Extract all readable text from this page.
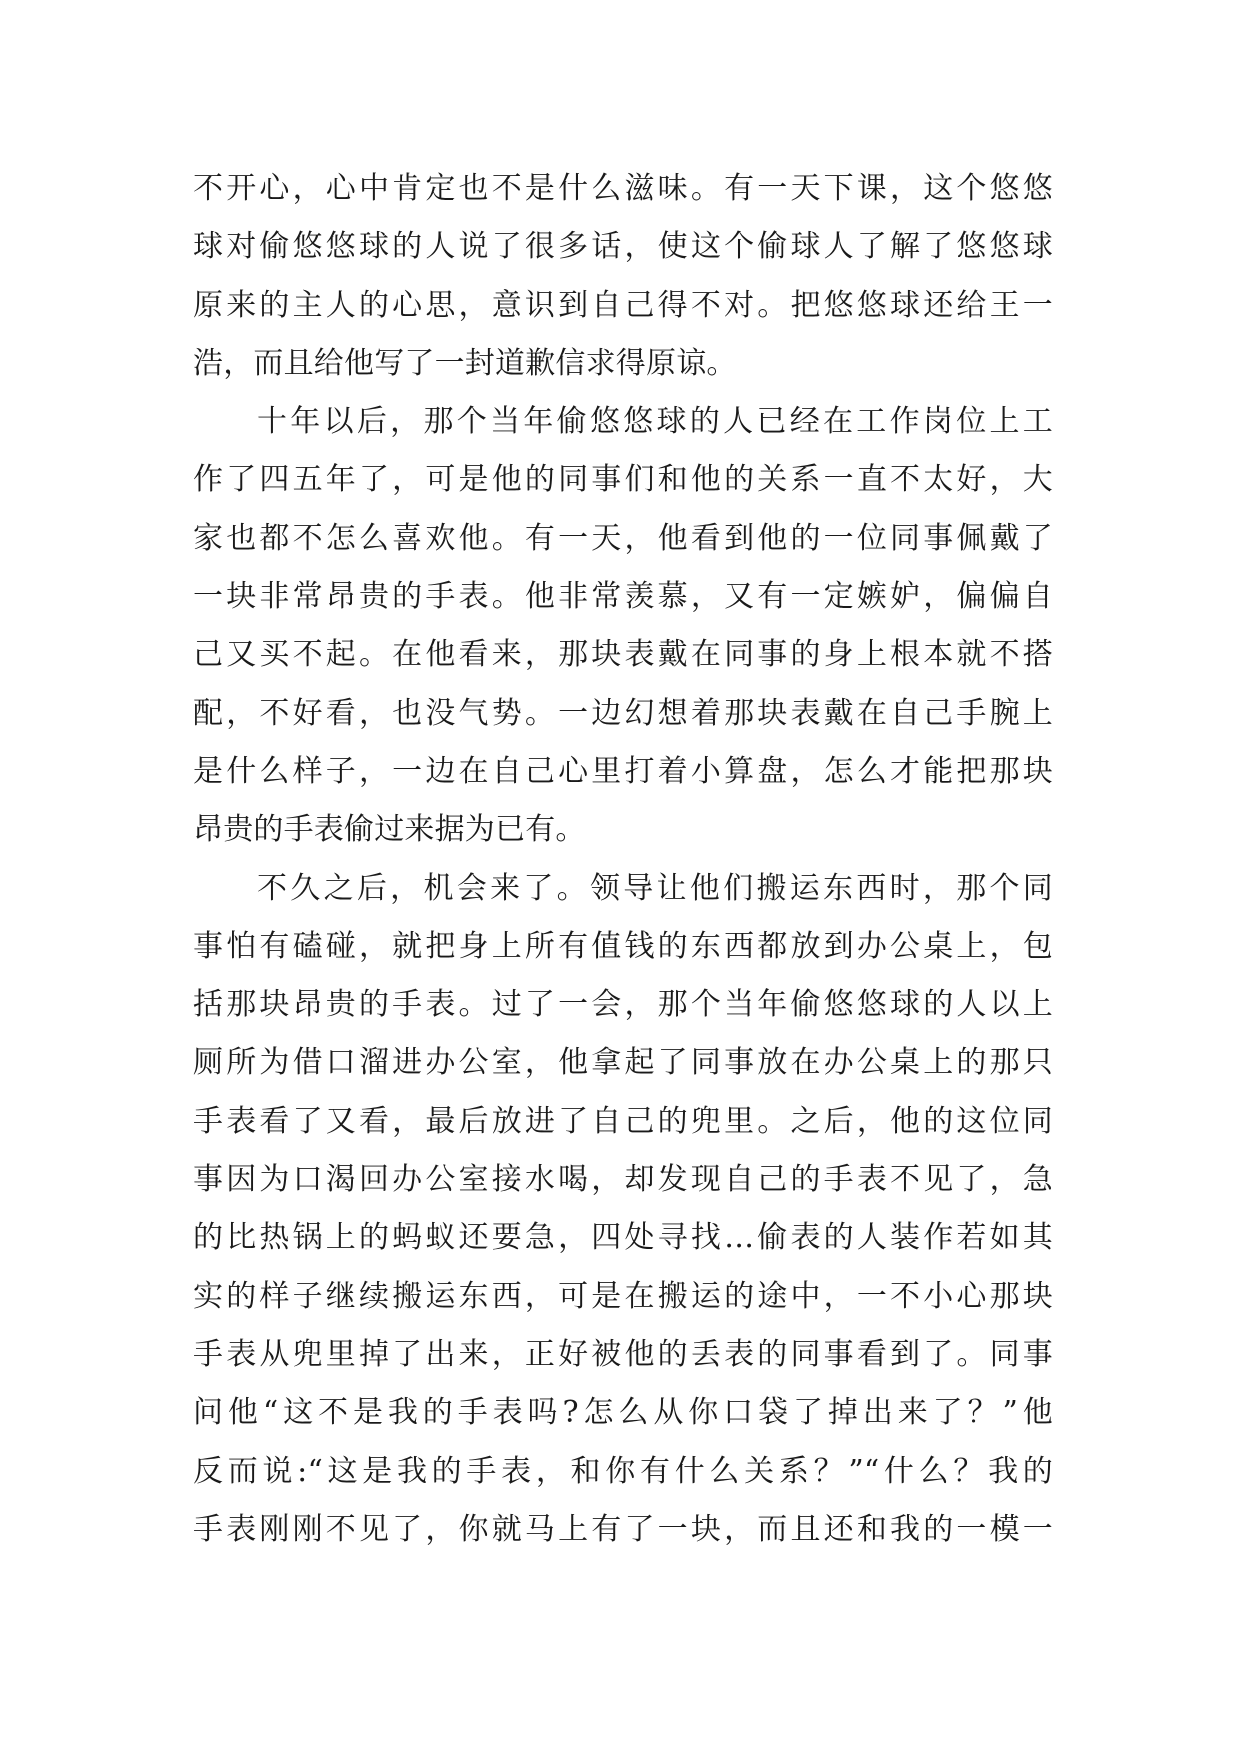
不开心，心中肯定也不是什么滋味。有一天下课，这个悠悠
球对偷悠悠球的人说了很多话，使这个偷球人了解了悠悠球
原来的主人的心思，意识到自己得不对。把悠悠球还给王一
浩，而且给他写了一封道歉信求得原谅。
十年以后，那个当年偷悠悠球的人已经在工作岗位上工
作了四五年了，可是他的同事们和他的关系一直不太好，大
家也都不怎么喜欢他。有一天，他看到他的一位同事佩戴了
一块非常昂贵的手表。他非常羡慕，又有一定嫉妒，偏偏自
己又买不起。在他看来，那块表戴在同事的身上根本就不搭
配，不好看，也没气势。一边幻想着那块表戴在自己手腕上
是什么样子，一边在自己心里打着小算盘，怎么才能把那块
昂贵的手表偷过来据为已有。
不久之后，机会来了。领导让他们搬运东西时，那个同
事怕有磕碰，就把身上所有值钱的东西都放到办公桌上，包
括那块昂贵的手表。过了一会，那个当年偷悠悠球的人以上
厕所为借口溜进办公室，他拿起了同事放在办公桌上的那只
手表看了又看，最后放进了自己的兜里。之后，他的这位同
事因为口渴回办公室接水喝，却发现自己的手表不见了，急
的比热锅上的蚂蚁还要急，四处寻找…偷表的人装作若如其
实的样子继续搬运东西，可是在搬运的途中，一不小心那块
手表从兜里掉了出来，正好被他的丢表的同事看到了。同事
问他“这不是我的手表吗?怎么从你口袋了掉出来了？”他
反而说:“这是我的手表，和你有什么关系？”“什么？我的
手表刚刚不见了，你就马上有了一块，而且还和我的一模一
